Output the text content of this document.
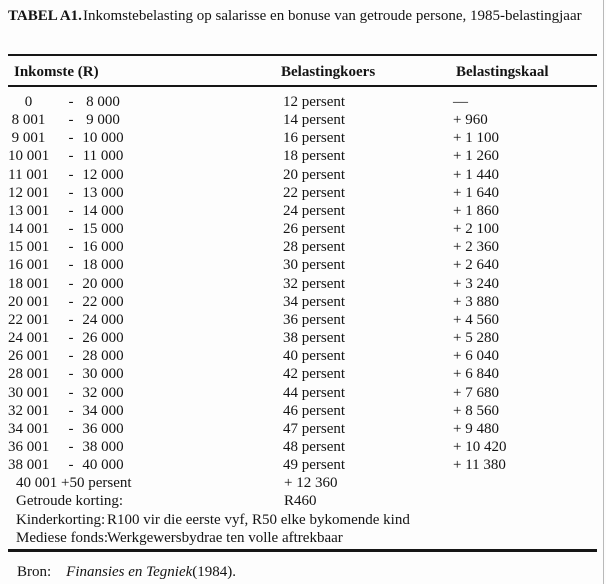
TABEL A1. Inkomstebelasting op salarisse en bonuse van getroude persone, 1985-belastingjaar
Inkomste (R)	Belastingkoers	Belastingskaal
0	- 8 000	12 persent	—
8 001	- 9 000	14 persent	+ 960
9 001	- 10 000	16 persent	+ 1 100
10 001	- 11 000	18 persent	+ 1 260
11 001	- 12 000	20 persent	+ 1 440
12 001	- 13 000	22 persent	+ 1 640
13 001	- 14 000	24 persent	+ 1 860
14 001	- 15 000	26 persent	+ 2 100
15 001	- 16 000	28 persent	+ 2 360
16 001	- 18 000	30 persent	+ 2 640
18 001	- 20 000	32 persent	+ 3 240
20 001	- 22 000	34 persent	+ 3 880
22 001	- 24 000	36 persent	+ 4 560
24 001	- 26 000	38 persent	+ 5 280
26 001	- 28 000	40 persent	+ 6 040
28 001	- 30 000	42 persent	+ 6 840
30 001	- 32 000	44 persent	+ 7 680
32 001	- 34 000	46 persent	+ 8 560
34 001	- 36 000	47 persent	+ 9 480
36 001	- 38 000	48 persent	+ 10 420
38 001	- 40 000	49 persent	+ 11 380
40 001 +50 persent	+ 12 360
Getroude korting:	R460
Kinderkorting: R100 vir die eerste vyf, R50 elke bykomende kind
Mediese fonds:
Werkgewersbydrae ten volle aftrekbaar
Bron: Finansies en Tegniek(1984).
